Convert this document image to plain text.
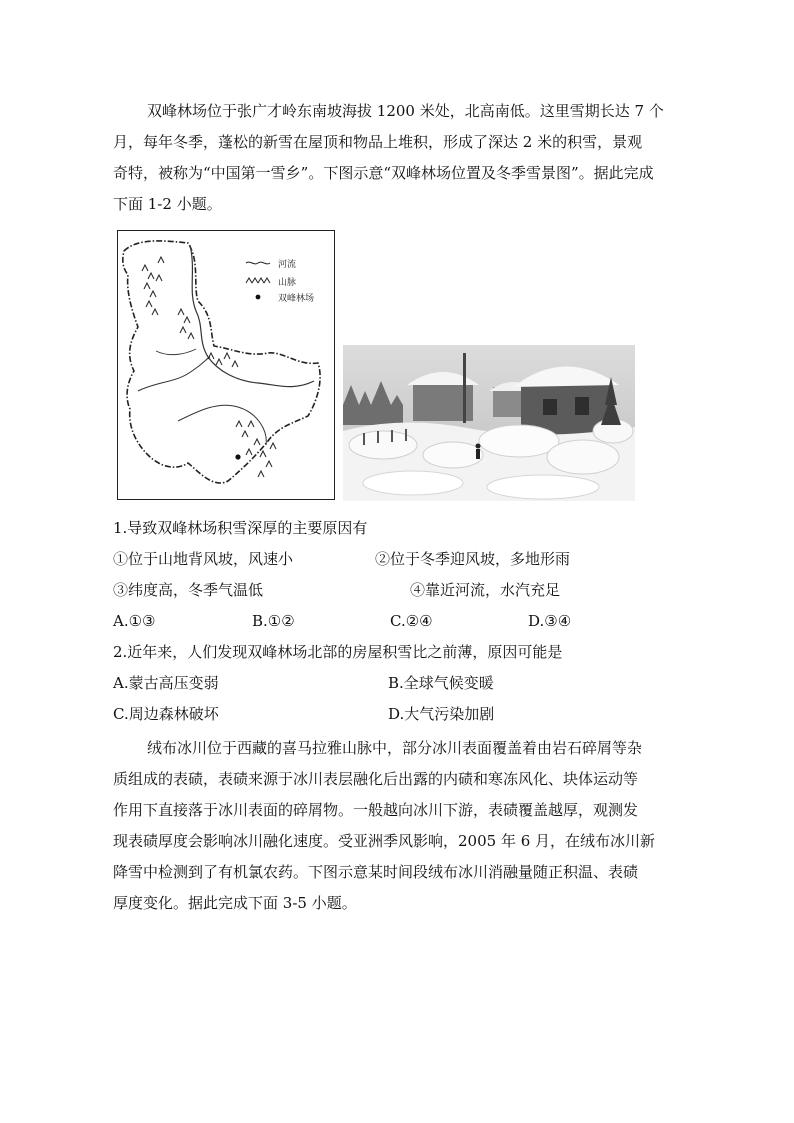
双峰林场位于张广才岭东南坡海拔 1200 米处，北高南低。这里雪期长达 7 个
月，每年冬季，蓬松的新雪在屋顶和物品上堆积，形成了深达 2 米的积雪，景观
奇特，被称为“中国第一雪乡”。下图示意“双峰林场位置及冬季雪景图”。据此完成
下面 1-2 小题。
河流
山脉
双峰林场
1.导致双峰林场积雪深厚的主要原因有
①位于山地背风坡，风速小	②位于冬季迎风坡，多地形雨
③纬度高，冬季气温低	④靠近河流，水汽充足
A.①③	B.①②	C.②④	D.③④
2.近年来，人们发现双峰林场北部的房屋积雪比之前薄，原因可能是
A.蒙古高压变弱	B.全球气候变暖
C.周边森林破坏	D.大气污染加剧
绒布冰川位于西藏的喜马拉雅山脉中，部分冰川表面覆盖着由岩石碎屑等杂
质组成的表碛，表碛来源于冰川表层融化后出露的内碛和寒冻风化、块体运动等
作用下直接落于冰川表面的碎屑物。一般越向冰川下游，表碛覆盖越厚，观测发
现表碛厚度会影响冰川融化速度。受亚洲季风影响，2005 年 6 月，在绒布冰川新
降雪中检测到了有机氯农药。下图示意某时间段绒布冰川消融量随正积温、表碛
厚度变化。据此完成下面 3-5 小题。
